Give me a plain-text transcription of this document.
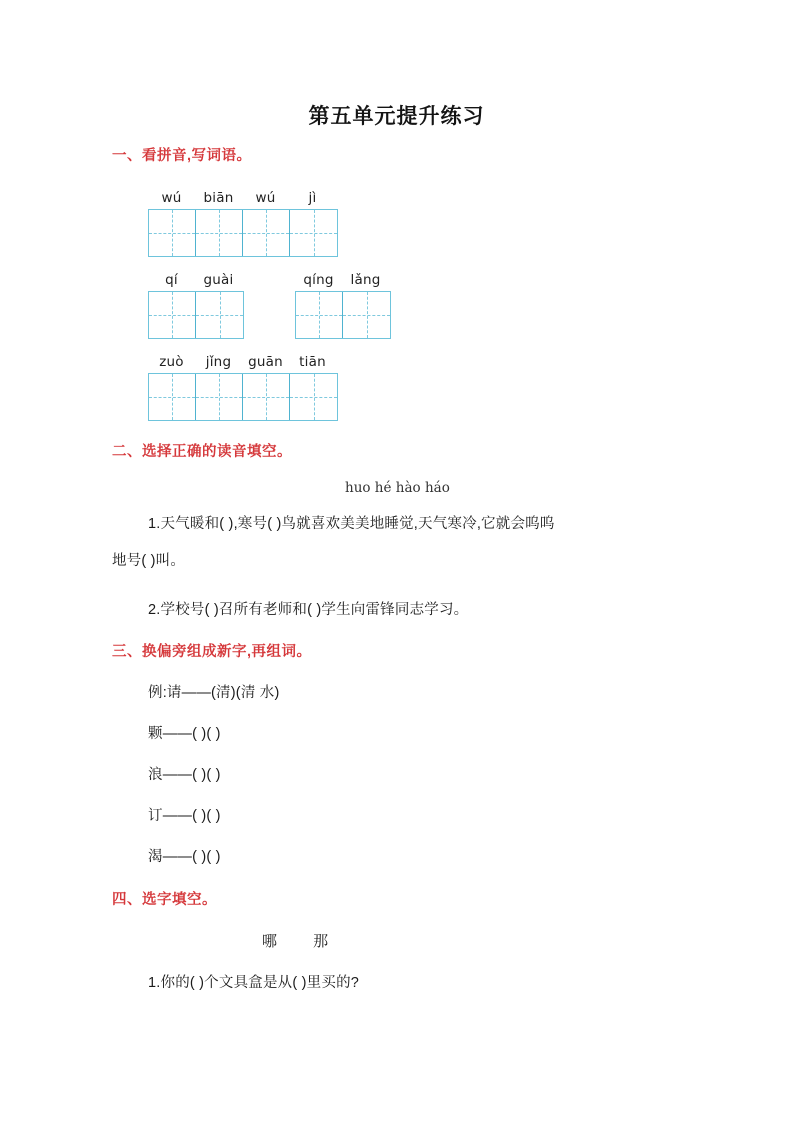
第五单元提升练习
一、看拼音,写词语。
wú	biān	wú	jì
qí	guài	qíng	lǎng
zuò	jǐng	guān	tiān
二、选择正确的读音填空。
huo hé hào háo
1.天气暖和( ),寒号( )鸟就喜欢美美地睡觉,天气寒冷,它就会呜呜
地号( )叫。
2.学校号( )召所有老师和( )学生向雷锋同志学习。
三、换偏旁组成新字,再组词。
例:请——(清)(清 水)
颗——( )( )
浪——( )( )
订——( )( )
渴——( )( )
四、选字填空。
哪 那
1.你的( )个文具盒是从( )里买的?
